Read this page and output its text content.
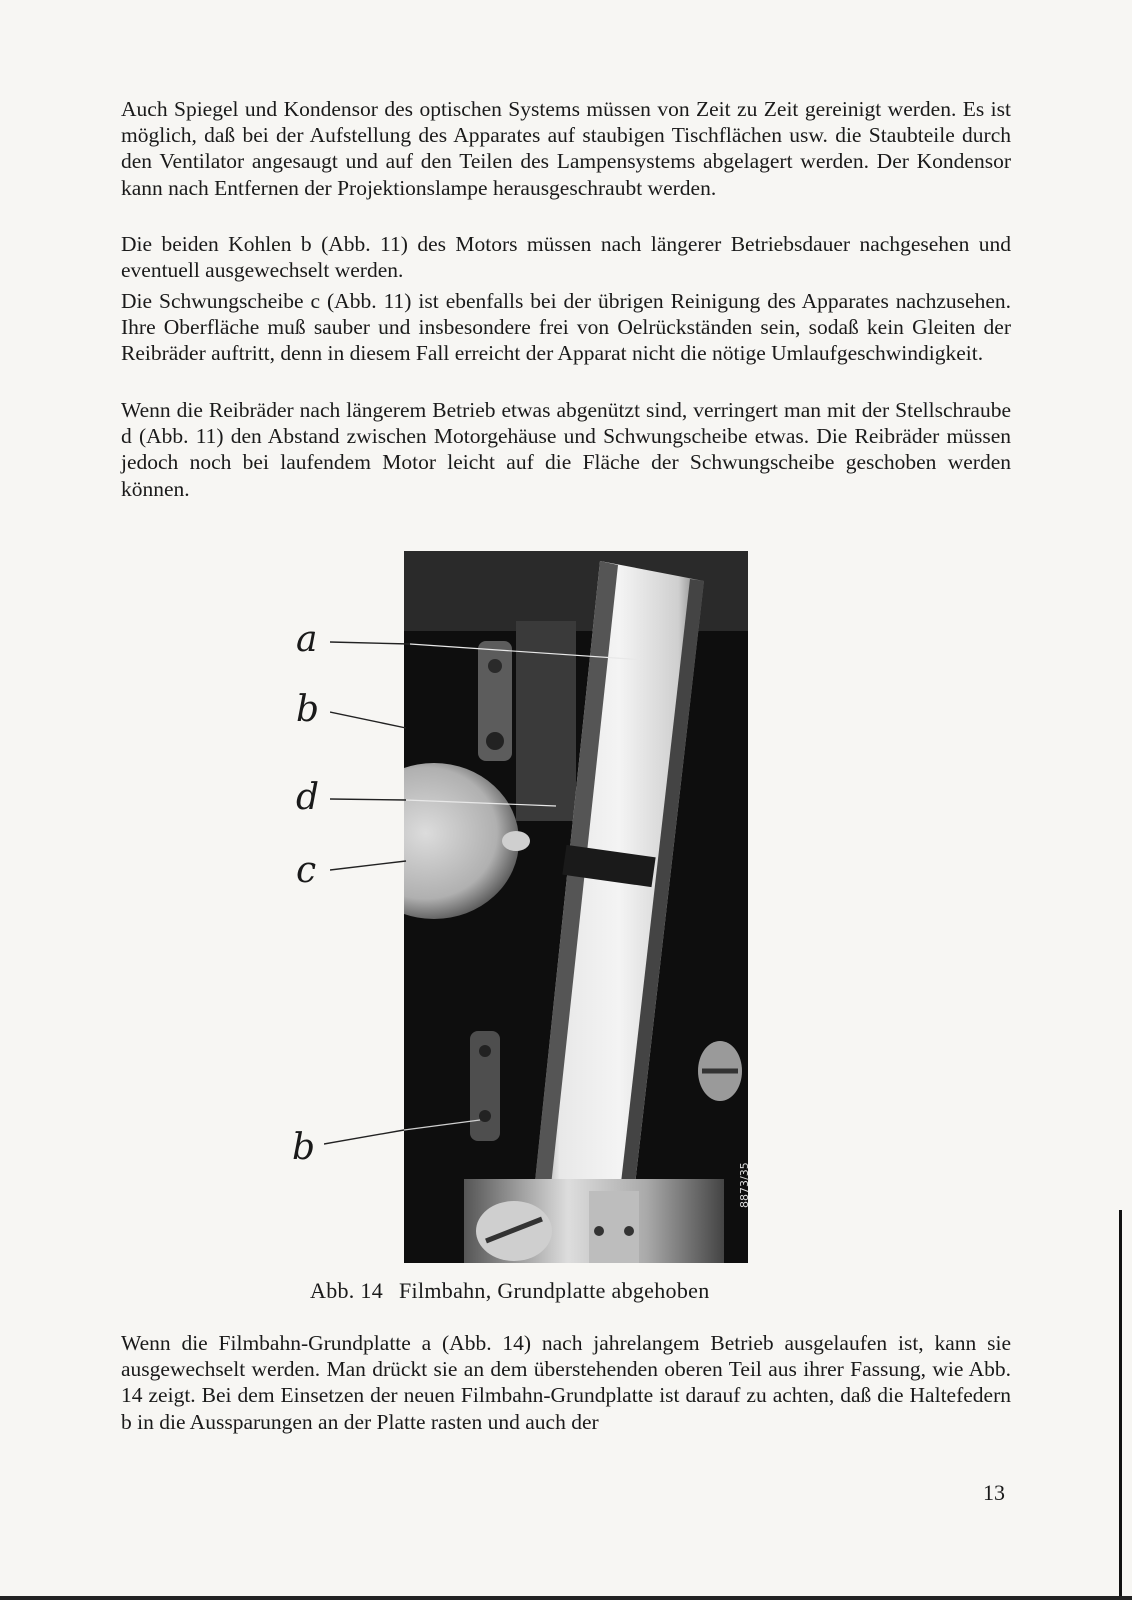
Auch Spiegel und Kondensor des optischen Systems müssen von Zeit zu Zeit gereinigt werden. Es ist möglich, daß bei der Aufstellung des Apparates auf staubigen Tischflächen usw. die Staubteile durch den Ventilator angesaugt und auf den Teilen des Lampensystems abgelagert werden. Der Kondensor kann nach Entfernen der Projektionslampe herausgeschraubt werden.

Die beiden Kohlen b (Abb. 11) des Motors müssen nach längerer Betriebsdauer nachgesehen und eventuell ausgewechselt werden.

Die Schwungscheibe c (Abb. 11) ist ebenfalls bei der übrigen Reinigung des Apparates nachzusehen. Ihre Oberfläche muß sauber und insbesondere frei von Oelrückständen sein, sodaß kein Gleiten der Reibräder auftritt, denn in diesem Fall erreicht der Apparat nicht die nötige Umlaufgeschwindigkeit.

Wenn die Reibräder nach längerem Betrieb etwas abgenützt sind, verringert man mit der Stellschraube d (Abb. 11) den Abstand zwischen Motorgehäuse und Schwungscheibe etwas. Die Reibräder müssen jedoch noch bei laufendem Motor leicht auf die Fläche der Schwungscheibe geschoben werden können.

8873/35
a
b
d
c
b
Abb. 14 Filmbahn, Grundplatte abgehoben

Wenn die Filmbahn-Grundplatte a (Abb. 14) nach jahrelangem Betrieb ausgelaufen ist, kann sie ausgewechselt werden. Man drückt sie an dem überstehenden oberen Teil aus ihrer Fassung, wie Abb. 14 zeigt. Bei dem Einsetzen der neuen Filmbahn-Grundplatte ist darauf zu achten, daß die Haltefedern b in die Aussparungen an der Platte rasten und auch der

13
